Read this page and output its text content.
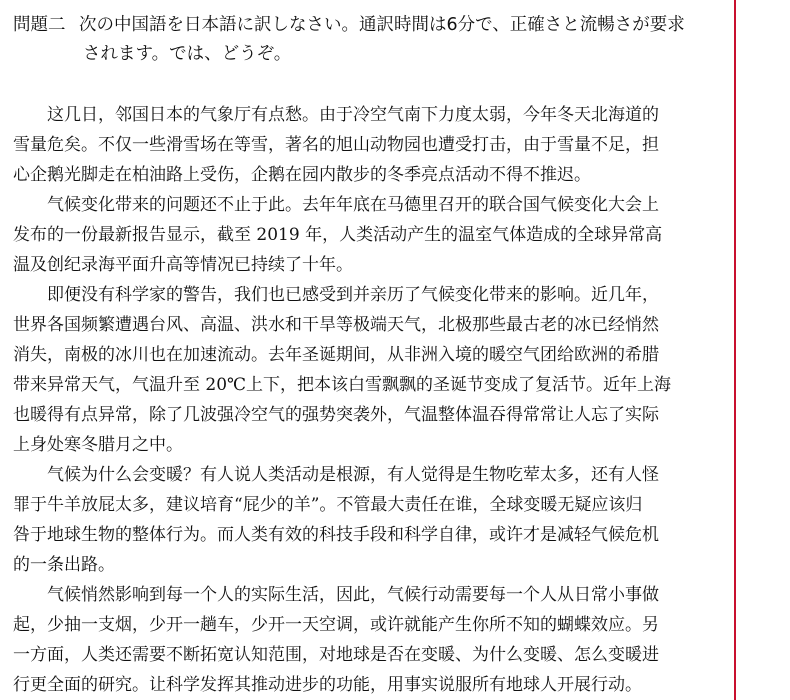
問題二 次の中国語を日本語に訳しなさい。通訳時間は6分で、正確さと流暢さが要求
されます。では、どうぞ。
这几日，邻国日本的气象厅有点愁。由于冷空气南下力度太弱，今年冬天北海道的
雪量危矣。不仅一些滑雪场在等雪，著名的旭山动物园也遭受打击，由于雪量不足，担
心企鹅光脚走在柏油路上受伤，企鹅在园内散步的冬季亮点活动不得不推迟。
气候变化带来的问题还不止于此。去年年底在马德里召开的联合国气候变化大会上
发布的一份最新报告显示，截至 2019 年，人类活动产生的温室气体造成的全球异常高
温及创纪录海平面升高等情况已持续了十年。
即便没有科学家的警告，我们也已感受到并亲历了气候变化带来的影响。近几年，
世界各国频繁遭遇台风、高温、洪水和干旱等极端天气，北极那些最古老的冰已经悄然
消失，南极的冰川也在加速流动。去年圣诞期间，从非洲入境的暖空气团给欧洲的希腊
带来异常天气，气温升至 20℃上下，把本该白雪飘飘的圣诞节变成了复活节。近年上海
也暖得有点异常，除了几波强冷空气的强势突袭外，气温整体温吞得常常让人忘了实际
上身处寒冬腊月之中。
气候为什么会变暖？有人说人类活动是根源，有人觉得是生物吃荤太多，还有人怪
罪于牛羊放屁太多，建议培育“屁少的羊”。不管最大责任在谁，全球变暖无疑应该归
咎于地球生物的整体行为。而人类有效的科技手段和科学自律，或许才是减轻气候危机
的一条出路。
气候悄然影响到每一个人的实际生活，因此，气候行动需要每一个人从日常小事做
起，少抽一支烟，少开一趟车，少开一天空调，或许就能产生你所不知的蝴蝶效应。另
一方面，人类还需要不断拓宽认知范围，对地球是否在变暖、为什么变暖、怎么变暖进
行更全面的研究。让科学发挥其推动进步的功能，用事实说服所有地球人开展行动。
